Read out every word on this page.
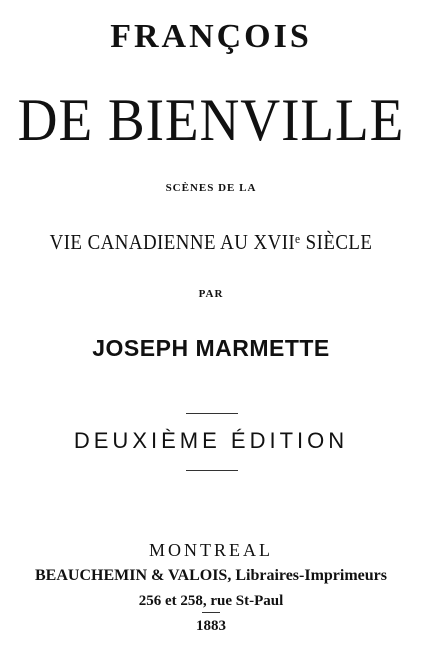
FRANÇOIS
DE BIENVILLE
SCÈNES DE LA
VIE CANADIENNE AU XVIIᵉ SIÈCLE
PAR
JOSEPH MARMETTE
DEUXIÈME ÉDITION
MONTREAL
BEAUCHEMIN & VALOIS, Libraires-Imprimeurs
256 et 258, rue St-Paul
1883
